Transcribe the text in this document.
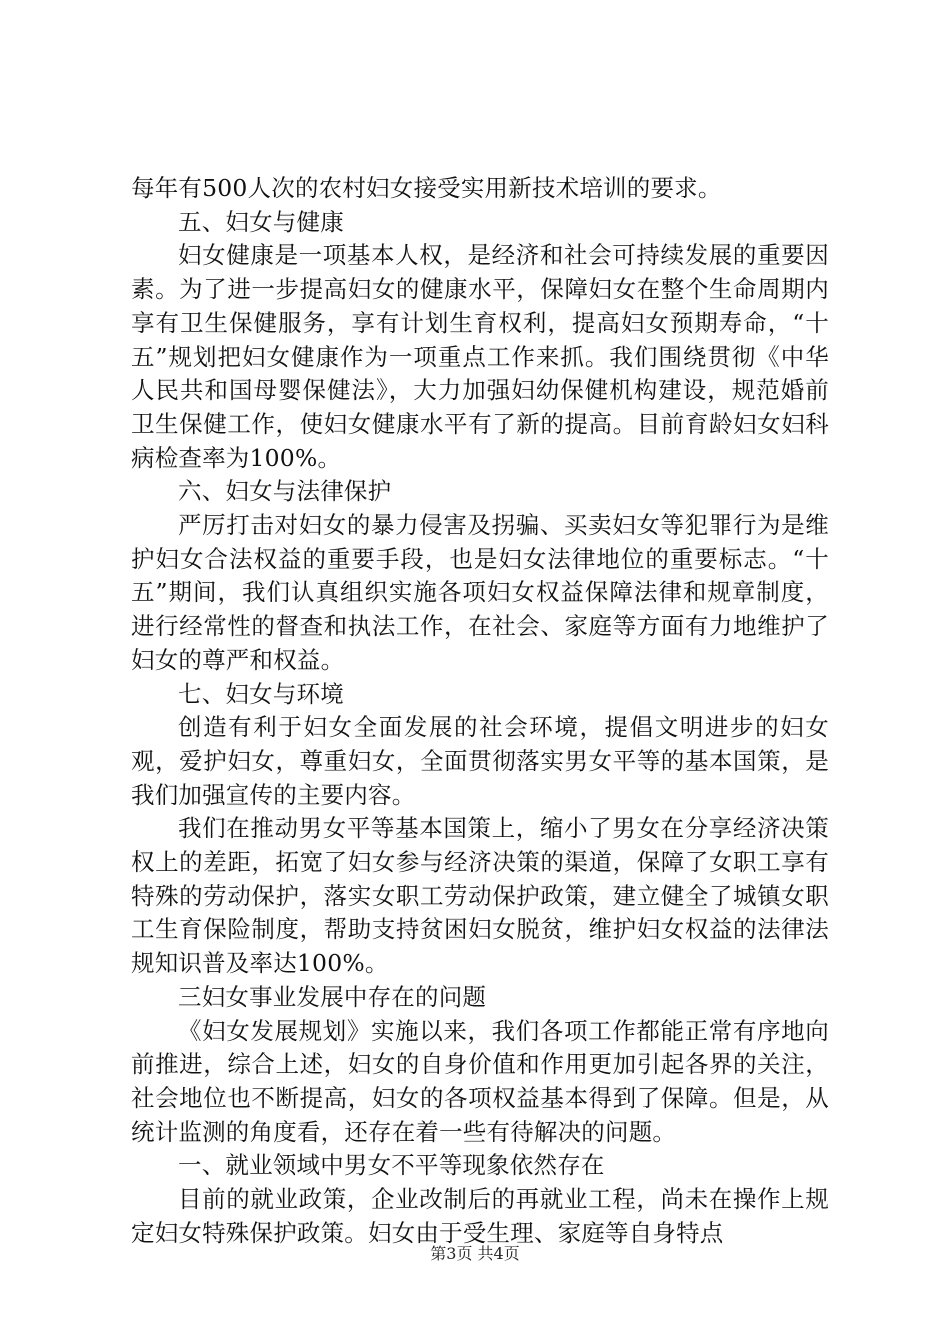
每年有500人次的农村妇女接受实用新技术培训的要求。

五、妇女与健康

妇女健康是一项基本人权，是经济和社会可持续发展的重要因素。为了进一步提高妇女的健康水平，保障妇女在整个生命周期内享有卫生保健服务，享有计划生育权利，提高妇女预期寿命，“十五”规划把妇女健康作为一项重点工作来抓。我们围绕贯彻《中华人民共和国母婴保健法》，大力加强妇幼保健机构建设，规范婚前卫生保健工作，使妇女健康水平有了新的提高。目前育龄妇女妇科病检查率为100%。

六、妇女与法律保护

严厉打击对妇女的暴力侵害及拐骗、买卖妇女等犯罪行为是维护妇女合法权益的重要手段，也是妇女法律地位的重要标志。“十五”期间，我们认真组织实施各项妇女权益保障法律和规章制度，进行经常性的督查和执法工作，在社会、家庭等方面有力地维护了妇女的尊严和权益。

七、妇女与环境

创造有利于妇女全面发展的社会环境，提倡文明进步的妇女观，爱护妇女，尊重妇女，全面贯彻落实男女平等的基本国策，是我们加强宣传的主要内容。

我们在推动男女平等基本国策上，缩小了男女在分享经济决策权上的差距，拓宽了妇女参与经济决策的渠道，保障了女职工享有特殊的劳动保护，落实女职工劳动保护政策，建立健全了城镇女职工生育保险制度，帮助支持贫困妇女脱贫，维护妇女权益的法律法规知识普及率达100%。

三妇女事业发展中存在的问题

《妇女发展规划》实施以来，我们各项工作都能正常有序地向前推进，综合上述，妇女的自身价值和作用更加引起各界的关注，社会地位也不断提高，妇女的各项权益基本得到了保障。但是，从统计监测的角度看，还存在着一些有待解决的问题。

一、就业领域中男女不平等现象依然存在

目前的就业政策，企业改制后的再就业工程，尚未在操作上规定妇女特殊保护政策。妇女由于受生理、家庭等自身特点

第3页 共4页
